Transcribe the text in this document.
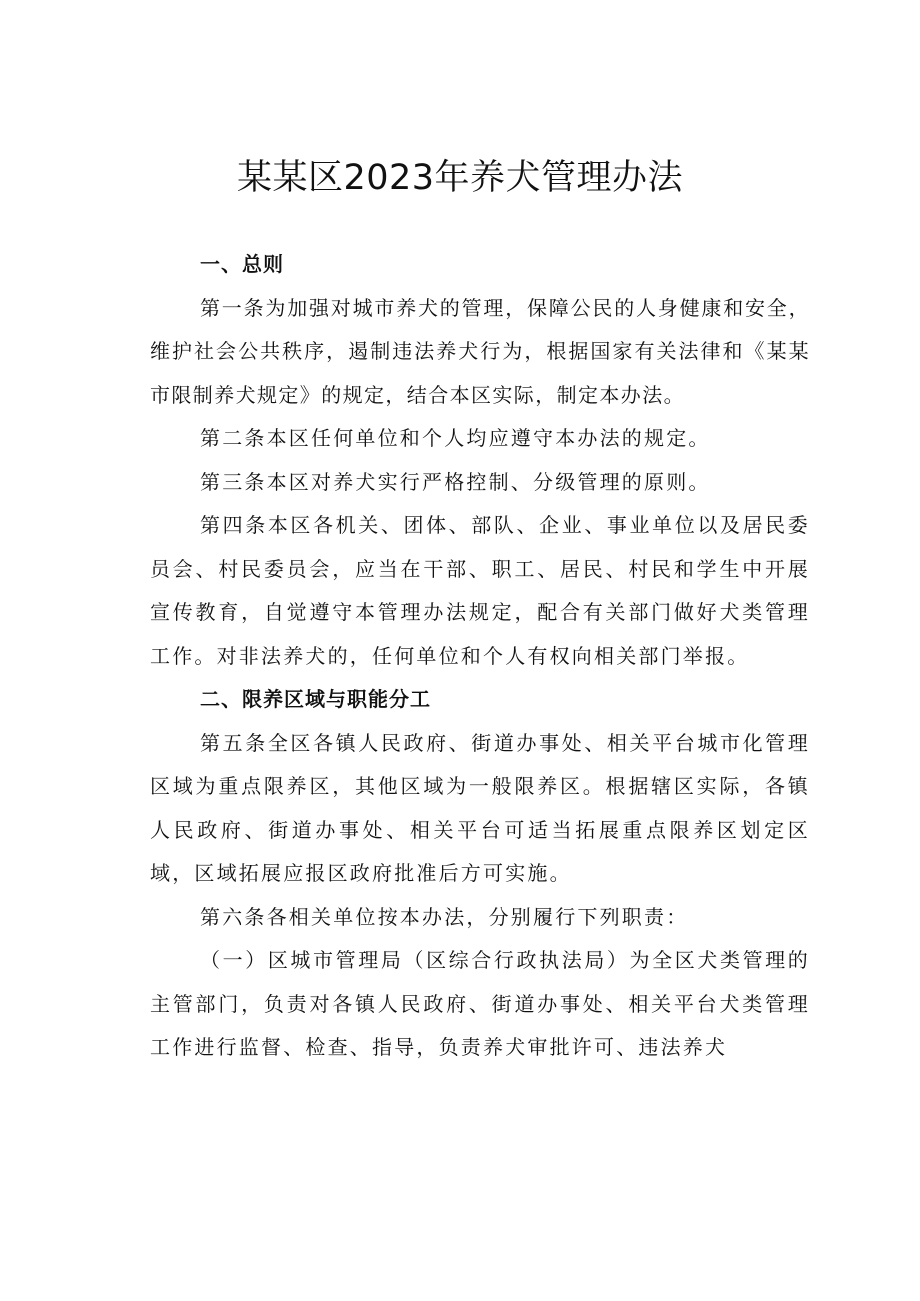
某某区2023年养犬管理办法

一、总则

第一条为加强对城市养犬的管理，保障公民的人身健康和安全，维护社会公共秩序，遏制违法养犬行为，根据国家有关法律和《某某市限制养犬规定》的规定，结合本区实际，制定本办法。

第二条本区任何单位和个人均应遵守本办法的规定。

第三条本区对养犬实行严格控制、分级管理的原则。

第四条本区各机关、团体、部队、企业、事业单位以及居民委员会、村民委员会，应当在干部、职工、居民、村民和学生中开展宣传教育，自觉遵守本管理办法规定，配合有关部门做好犬类管理工作。对非法养犬的，任何单位和个人有权向相关部门举报。

二、限养区域与职能分工

第五条全区各镇人民政府、街道办事处、相关平台城市化管理区域为重点限养区，其他区域为一般限养区。根据辖区实际，各镇人民政府、街道办事处、相关平台可适当拓展重点限养区划定区域，区域拓展应报区政府批准后方可实施。

第六条各相关单位按本办法，分别履行下列职责：

（一）区城市管理局（区综合行政执法局）为全区犬类管理的主管部门，负责对各镇人民政府、街道办事处、相关平台犬类管理工作进行监督、检查、指导，负责养犬审批许可、违法养犬
